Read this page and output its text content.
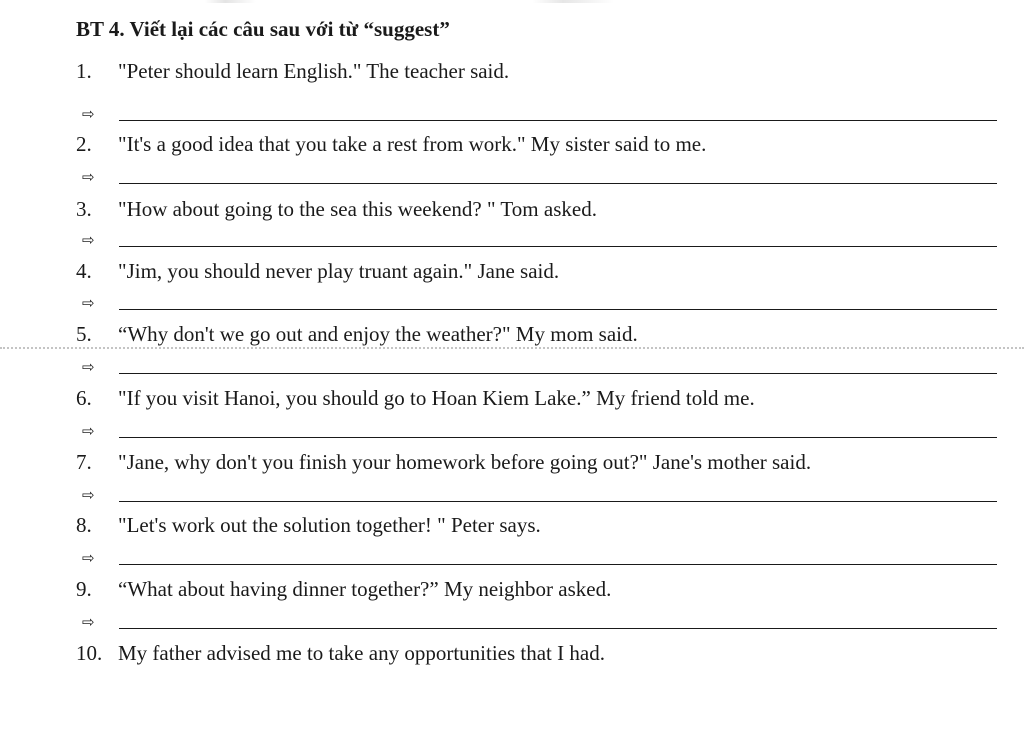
BT 4. Viết lại các câu sau với từ “suggest”
1. "Peter should learn English." The teacher said.
⇨
2. "It's a good idea that you take a rest from work." My sister said to me.
⇨
3. "How about going to the sea this weekend? " Tom asked.
⇨
4. "Jim, you should never play truant again." Jane said.
⇨
5. “Why don't we go out and enjoy the weather?" My mom said.
⇨
6. "If you visit Hanoi, you should go to Hoan Kiem Lake.” My friend told me.
⇨
7. "Jane, why don't you finish your homework before going out?" Jane's mother said.
⇨
8. "Let's work out the solution together! " Peter says.
⇨
9. “What about having dinner together?” My neighbor asked.
⇨
10. My father advised me to take any opportunities that I had.
